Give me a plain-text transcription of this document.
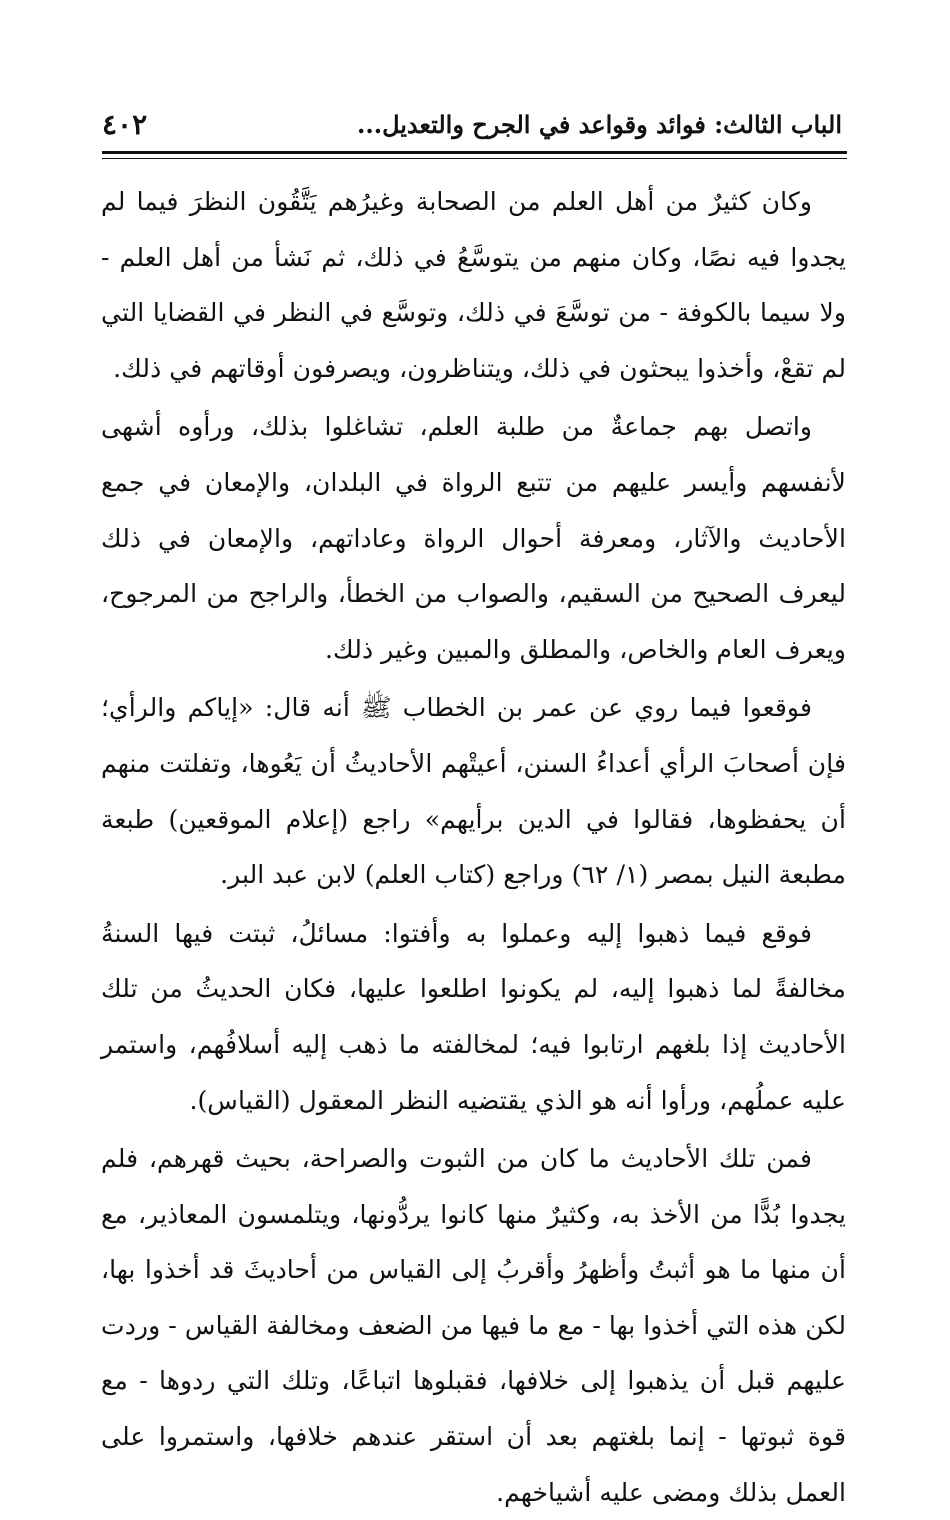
الباب الثالث: فوائد وقواعد في الجرح والتعديل...
٤٠٢

وكان كثيرٌ من أهل العلم من الصحابة وغيرُهم يَتَّقُون النظرَ فيما لم يجدوا فيه نصًا، وكان منهم من يتوسَّعُ في ذلك، ثم نَشأ من أهل العلم - ولا سيما بالكوفة - من توسَّعَ في ذلك، وتوسَّع في النظر في القضايا التي لم تقعْ، وأخذوا يبحثون في ذلك، ويتناظرون، ويصرفون أوقاتهم في ذلك.

واتصل بهم جماعةٌ من طلبة العلم، تشاغلوا بذلك، ورأوه أشهى لأنفسهم وأيسر عليهم من تتبع الرواة في البلدان، والإمعان في جمع الأحاديث والآثار، ومعرفة أحوال الرواة وعاداتهم، والإمعان في ذلك ليعرف الصحيح من السقيم، والصواب من الخطأ، والراجح من المرجوح، ويعرف العام والخاص، والمطلق والمبين وغير ذلك.

فوقعوا فيما روي عن عمر بن الخطاب ﷺ أنه قال: «إياكم والرأي؛ فإن أصحابَ الرأي أعداءُ السنن، أعيتْهم الأحاديثُ أن يَعُوها، وتفلتت منهم أن يحفظوها، فقالوا في الدين برأيهم» راجع (إعلام الموقعين) طبعة مطبعة النيل بمصر (١/ ٦٢) وراجع (كتاب العلم) لابن عبد البر.

فوقع فيما ذهبوا إليه وعملوا به وأفتوا: مسائلُ، ثبتت فيها السنةُ مخالفةً لما ذهبوا إليه، لم يكونوا اطلعوا عليها، فكان الحديثُ من تلك الأحاديث إذا بلغهم ارتابوا فيه؛ لمخالفته ما ذهب إليه أسلافُهم، واستمر عليه عملُهم، ورأوا أنه هو الذي يقتضيه النظر المعقول (القياس).

فمن تلك الأحاديث ما كان من الثبوت والصراحة، بحيث قهرهم، فلم يجدوا بُدًّا من الأخذ به، وكثيرٌ منها كانوا يردُّونها، ويتلمسون المعاذير، مع أن منها ما هو أثبتُ وأظهرُ وأقربُ إلى القياس من أحاديثَ قد أخذوا بها، لكن هذه التي أخذوا بها - مع ما فيها من الضعف ومخالفة القياس - وردت عليهم قبل أن يذهبوا إلى خلافها، فقبلوها اتباعًا، وتلك التي ردوها - مع قوة ثبوتها - إنما بلغتهم بعد أن استقر عندهم خلافها، واستمروا على العمل بذلك ومضى عليه أشياخهم.
